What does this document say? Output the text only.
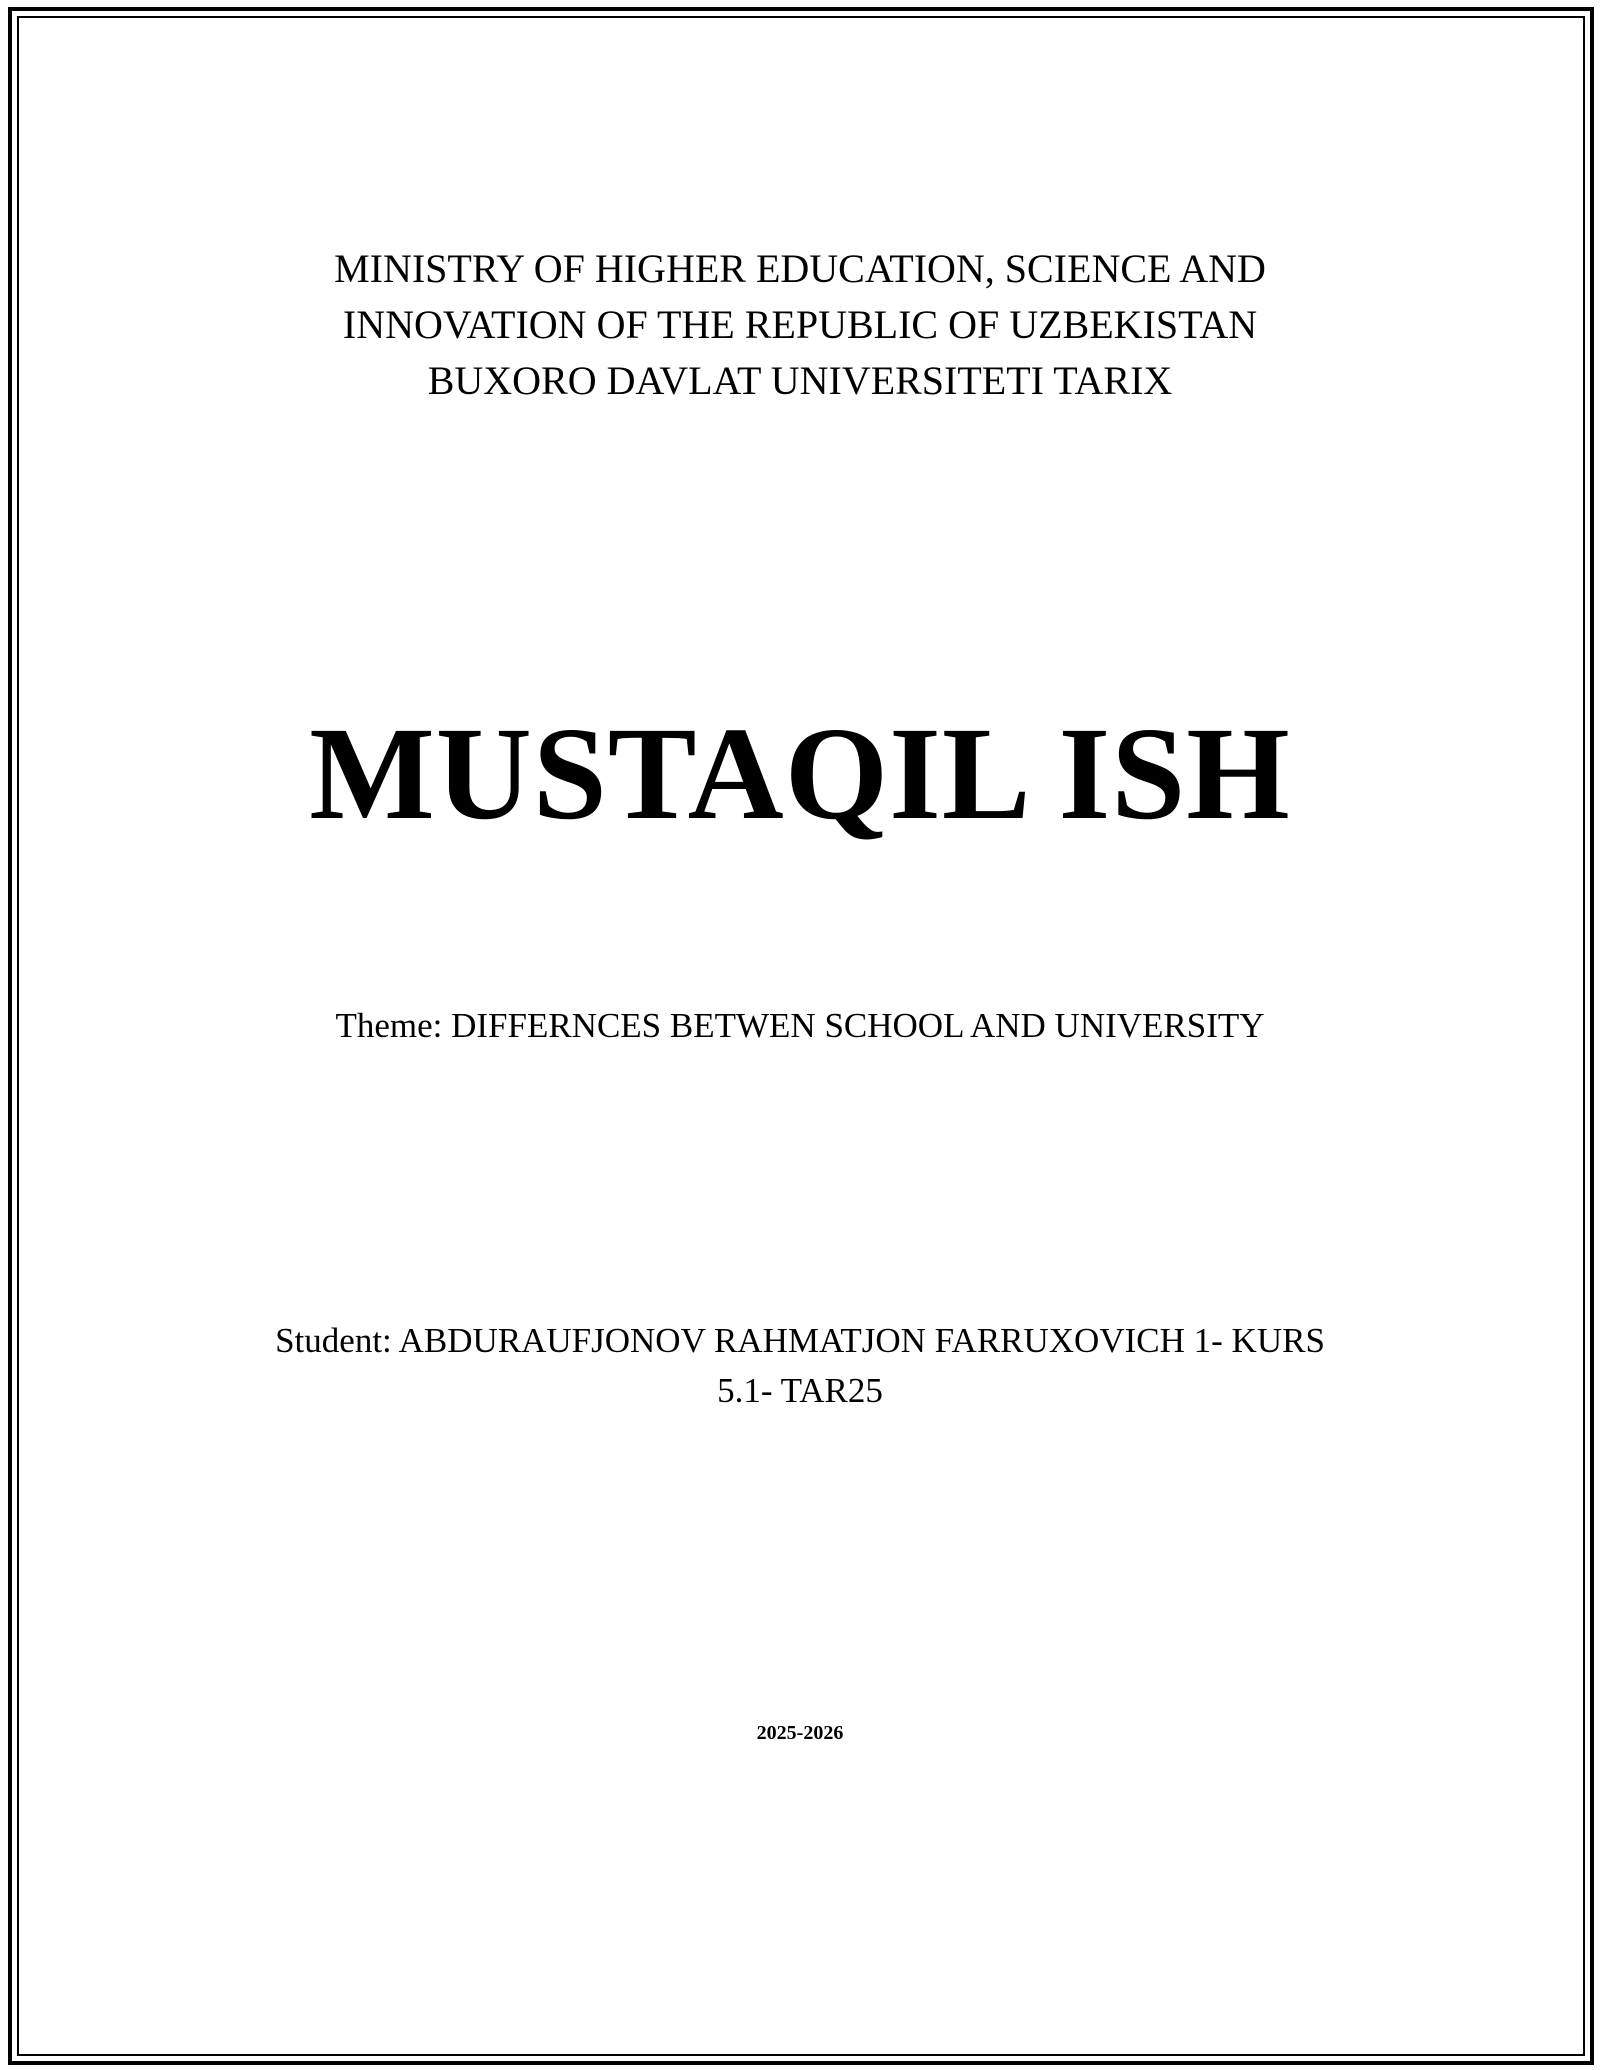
MINISTRY OF HIGHER EDUCATION, SCIENCE AND
INNOVATION OF THE REPUBLIC OF UZBEKISTAN
BUXORO DAVLAT UNIVERSITETI TARIX
MUSTAQIL ISH
Theme: DIFFERNCES BETWEN SCHOOL AND UNIVERSITY
Student: ABDURAUFJONOV RAHMATJON FARRUXOVICH 1- KURS
5.1- TAR25
2025-2026
